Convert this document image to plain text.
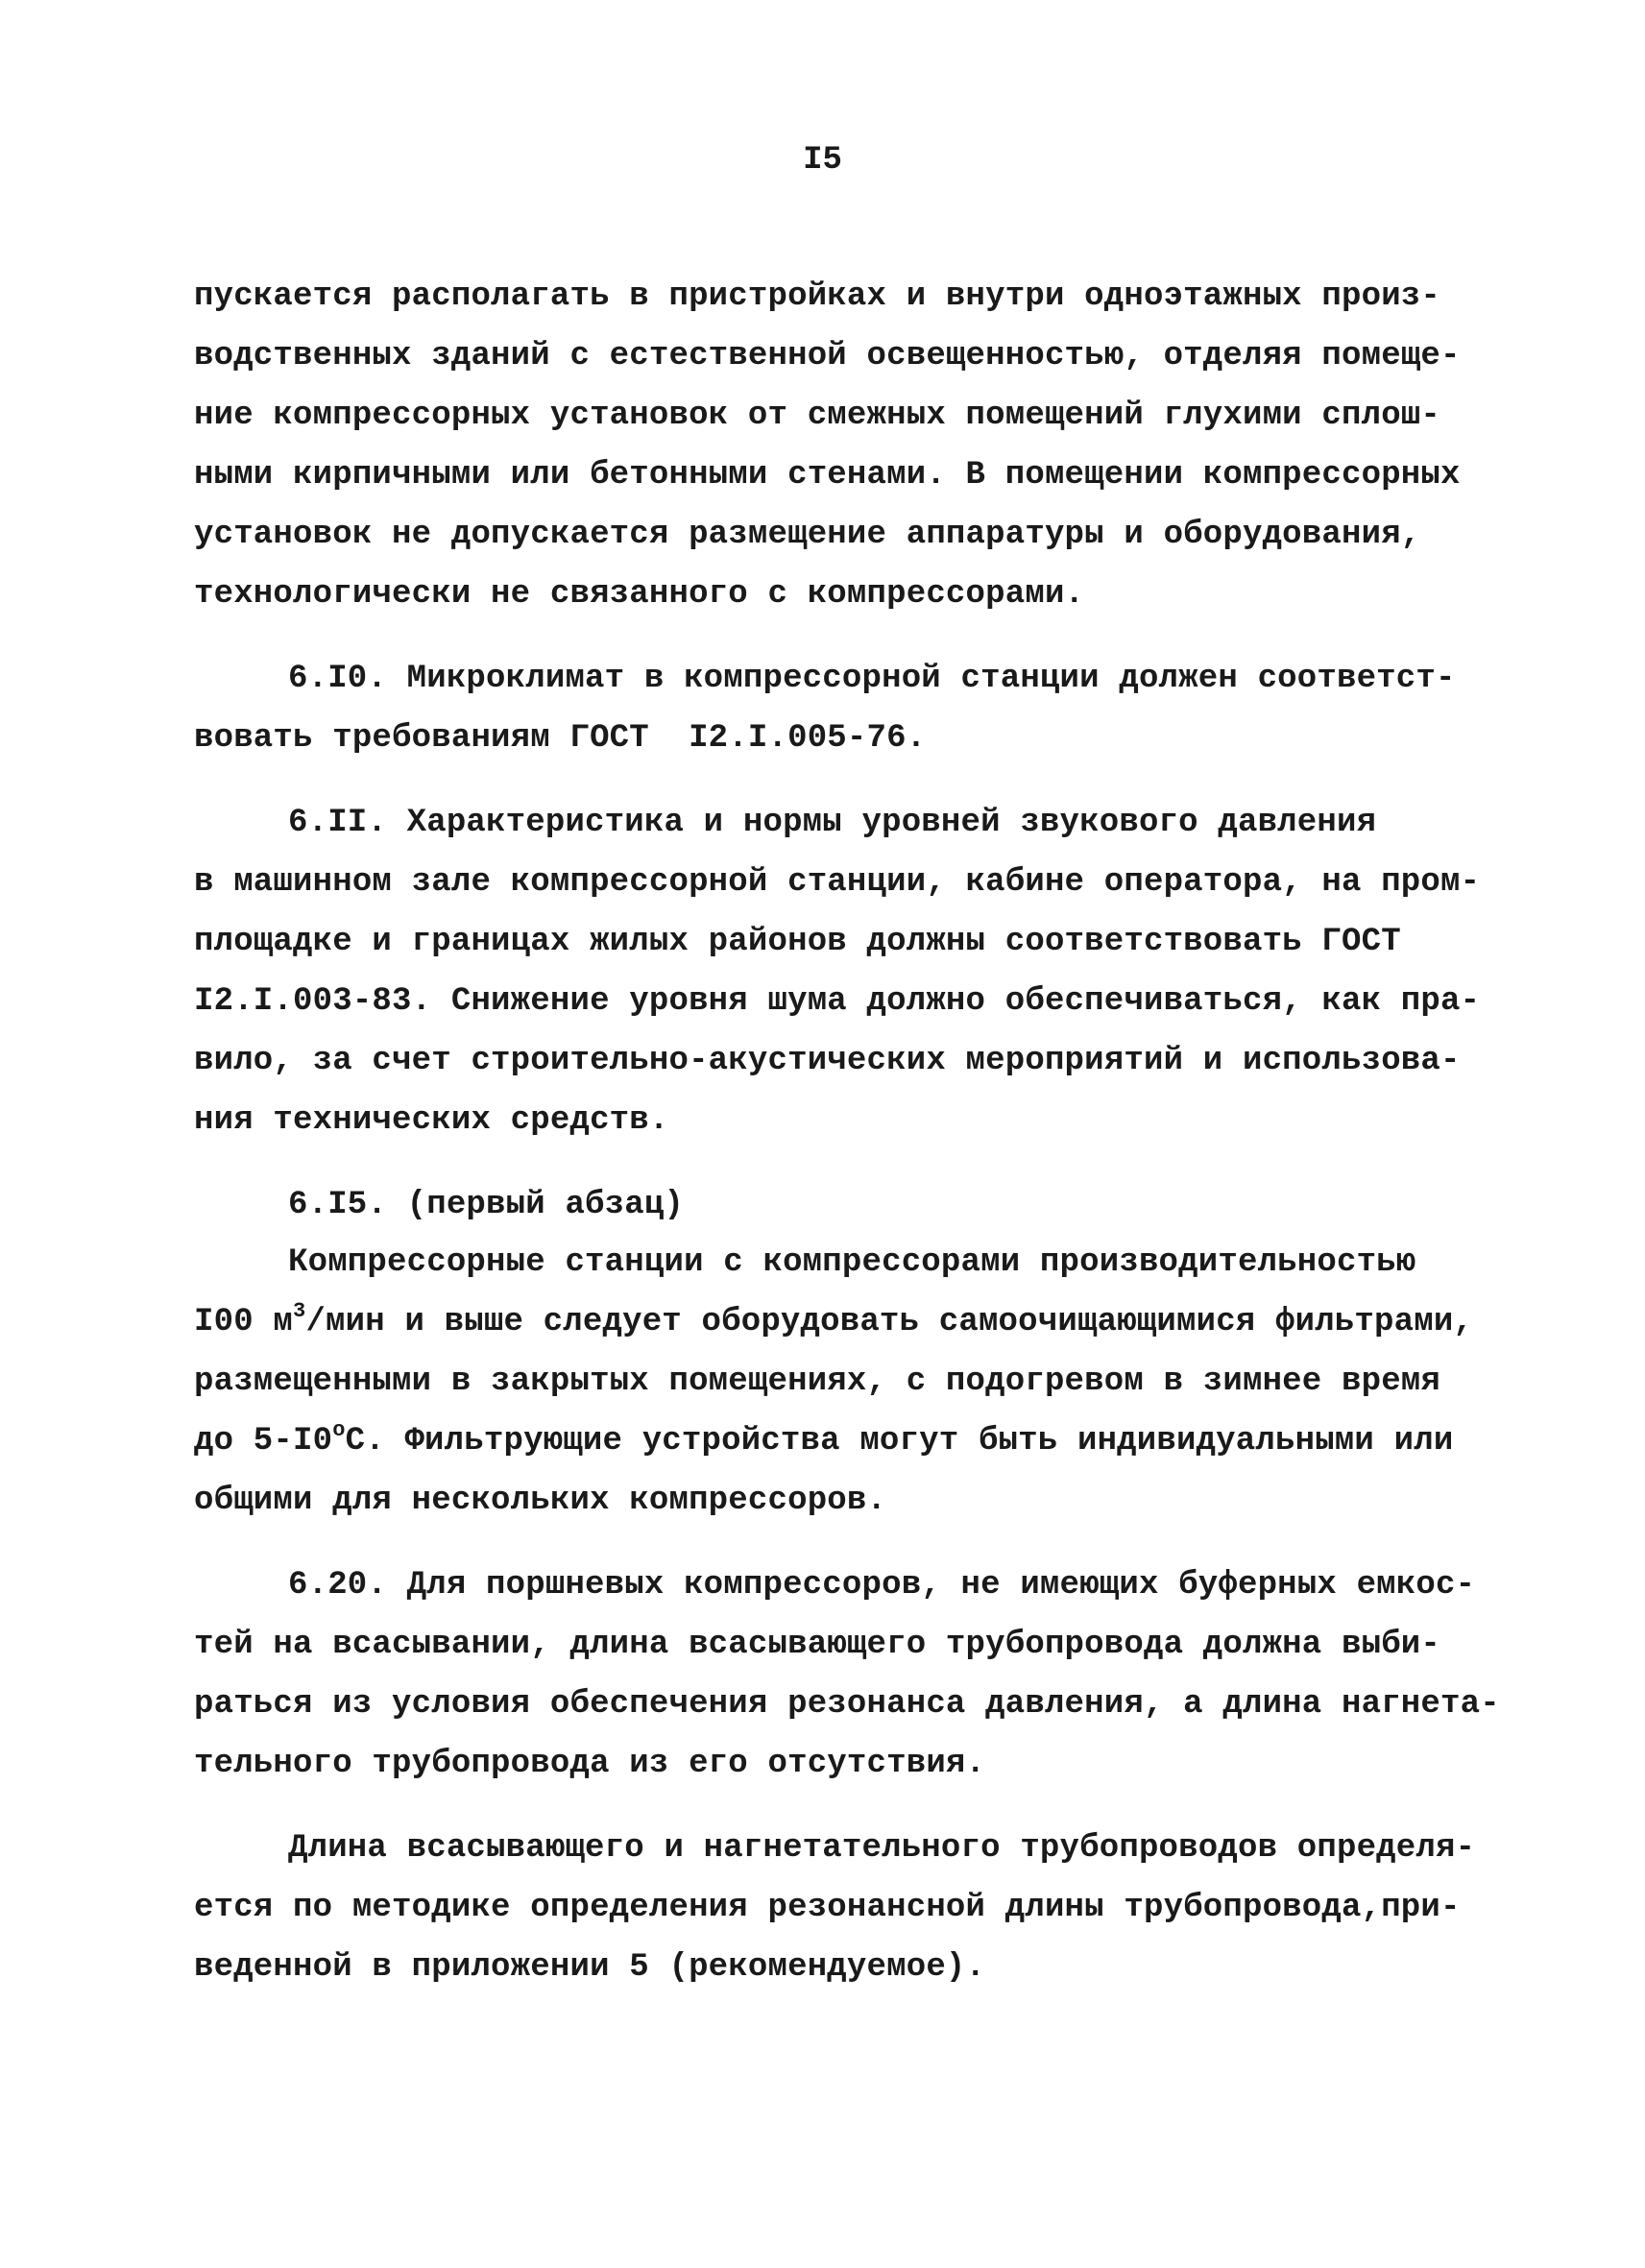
I5
пускается располагать в пристройках и внутри одноэтажных произ-
водственных зданий с естественной освещенностью, отделяя помеще-
ние компрессорных установок от смежных помещений глухими сплош-
ными кирпичными или бетонными стенами. В помещении компрессорных
установок не допускается размещение аппаратуры и оборудования,
технологически не связанного с компрессорами.
6.I0. Микроклимат в компрессорной станции должен соответст-
вовать требованиям ГОСТ  I2.I.005-76.
6.II. Характеристика и нормы уровней звукового давления
в машинном зале компрессорной станции, кабине оператора, на пром-
площадке и границах жилых районов должны соответствовать ГОСТ
I2.I.003-83. Снижение уровня шума должно обеспечиваться, как пра-
вило, за счет строительно-акустических мероприятий и использова-
ния технических средств.
6.I5. (первый абзац)
Компрессорные станции с компрессорами производительностью
I00 $м^3$/мин и выше следует оборудовать самоочищающимися фильтрами,
размещенными в закрытых помещениях, с подогревом в зимнее время
до $5-I0^оС$. Фильтрующие устройства могут быть индивидуальными или
общими для нескольких компрессоров.
6.20. Для поршневых компрессоров, не имеющих буферных емкос-
тей на всасывании, длина всасывающего трубопровода должна выби-
раться из условия обеспечения резонанса давления, а длина нагнета-
тельного трубопровода из его отсутствия.
Длина всасывающего и нагнетательного трубопроводов определя-
ется по методике определения резонансной длины трубопровода,при-
веденной в приложении 5 (рекомендуемое).
